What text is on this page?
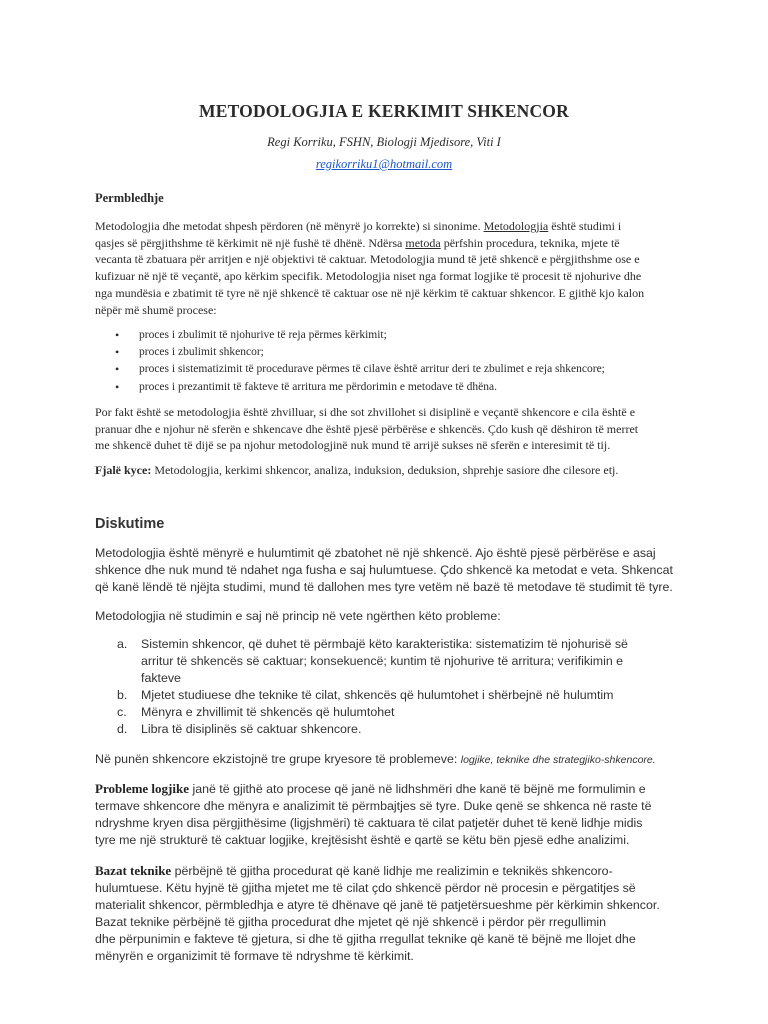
METODOLOGJIA E KERKIMIT SHKENCOR
Regi Korriku, FSHN, Biologji Mjedisore, Viti I
regikorriku1@hotmail.com
Permbledhje
Metodologjia dhe metodat shpesh përdoren (në mënyrë jo korrekte) si sinonime. Metodologjia është studimi i
qasjes së përgjithshme të kërkimit në një fushë të dhënë. Ndërsa metoda përfshin procedura, teknika, mjete të
vecanta të zbatuara për arritjen e një objektivi të caktuar. Metodologjia mund të jetë shkencë e përgjithshme ose e
kufizuar në një të veçantë, apo kërkim specifik. Metodologjia niset nga format logjike të procesit të njohurive dhe
nga mundësia e zbatimit të tyre në një shkencë të caktuar ose në një kërkim të caktuar shkencor. E gjithë kjo kalon
nëpër më shumë procese:
• proces i zbulimit të njohurive të reja përmes kërkimit;
• proces i zbulimit shkencor;
• proces i sistematizimit të procedurave përmes të cilave është arritur deri te zbulimet e reja shkencore;
• proces i prezantimit të fakteve të arritura me përdorimin e metodave të dhëna.
Por fakt është se metodologjia është zhvilluar, si dhe sot zhvillohet si disiplinë e veçantë shkencore e cila është e
pranuar dhe e njohur në sferën e shkencave dhe është pjesë përbërëse e shkencës. Çdo kush që dëshiron të merret
me shkencë duhet të dijë se pa njohur metodologjinë nuk mund të arrijë sukses në sferën e interesimit të tij.
Fjalë kyce: Metodologjia, kerkimi shkencor, analiza, induksion, deduksion, shprehje sasiore dhe cilesore etj.
Diskutime
Metodologjia është mënyrë e hulumtimit që zbatohet në një shkencë. Ajo është pjesë përbërëse e asaj
shkence dhe nuk mund të ndahet nga fusha e saj hulumtuese. Çdo shkencë ka metodat e veta. Shkencat
që kanë lëndë të njëjta studimi, mund të dallohen mes tyre vetëm në bazë të metodave të studimit të tyre.
Metodologjia në studimin e saj në princip në vete ngërthen këto probleme:
a. Sistemin shkencor, që duhet të përmbajë këto karakteristika: sistematizim të njohurisë së
arritur të shkencës së caktuar; konsekuencë; kuntim të njohurive të arritura; verifikimin e
fakteve
b. Mjetet studiuese dhe teknike të cilat, shkencës që hulumtohet i shërbejnë në hulumtim
c. Mënyra e zhvillimit të shkencës që hulumtohet
d. Libra të disiplinës së caktuar shkencore.
Në punën shkencore ekzistojnë tre grupe kryesore të problemeve: logjike, teknike dhe strategjiko-shkencore.
Probleme logjike janë të gjithë ato procese që janë në lidhshmëri dhe kanë të bëjnë me formulimin e
termave shkencore dhe mënyra e analizimit të përmbajtjes së tyre. Duke qenë se shkenca në raste të
ndryshme kryen disa përgjithësime (ligjshmëri) të caktuara të cilat patjetër duhet të kenë lidhje midis
tyre me një strukturë të caktuar logjike, krejtësisht është e qartë se këtu bën pjesë edhe analizimi.
Bazat teknike përbëjnë të gjitha procedurat që kanë lidhje me realizimin e teknikës shkencoro-
hulumtuese. Këtu hyjnë të gjitha mjetet me të cilat çdo shkencë përdor në procesin e përgatitjes së
materialit shkencor, përmbledhja e atyre të dhënave që janë të patjetërsueshme për kërkimin shkencor.
Bazat teknike përbëjnë të gjitha procedurat dhe mjetet që një shkencë i përdor për rregullimin
dhe përpunimin e fakteve të gjetura, si dhe të gjitha rregullat teknike që kanë të bëjnë me llojet dhe
mënyrën e organizimit të formave të ndryshme të kërkimit.
